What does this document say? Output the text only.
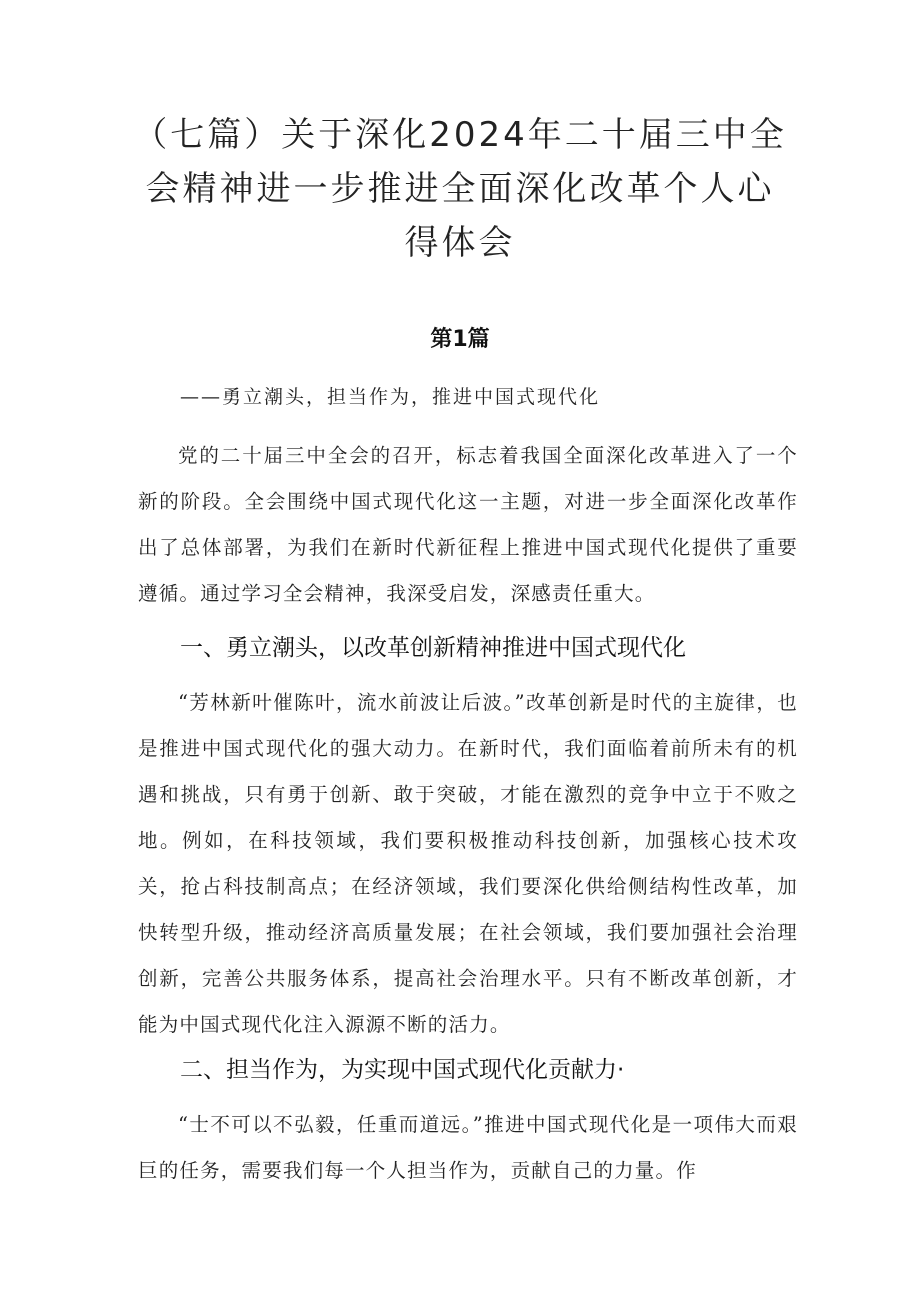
（七篇）关于深化2024年二十届三中全会精神进一步推进全面深化改革个人心得体会
第1篇
——勇立潮头，担当作为，推进中国式现代化

党的二十届三中全会的召开，标志着我国全面深化改革进入了一个新的阶段。全会围绕中国式现代化这一主题，对进一步全面深化改革作出了总体部署，为我们在新时代新征程上推进中国式现代化提供了重要遵循。通过学习全会精神，我深受启发，深感责任重大。

一、勇立潮头，以改革创新精神推进中国式现代化

“芳林新叶催陈叶，流水前波让后波。”改革创新是时代的主旋律，也是推进中国式现代化的强大动力。在新时代，我们面临着前所未有的机遇和挑战，只有勇于创新、敢于突破，才能在激烈的竞争中立于不败之地。例如，在科技领域，我们要积极推动科技创新，加强核心技术攻关，抢占科技制高点；在经济领域，我们要深化供给侧结构性改革，加快转型升级，推动经济高质量发展；在社会领域，我们要加强社会治理创新，完善公共服务体系，提高社会治理水平。只有不断改革创新，才能为中国式现代化注入源源不断的活力。

二、担当作为，为实现中国式现代化贡献力·

“士不可以不弘毅，任重而道远。”推进中国式现代化是一项伟大而艰巨的任务，需要我们每一个人担当作为，贡献自己的力量。作
